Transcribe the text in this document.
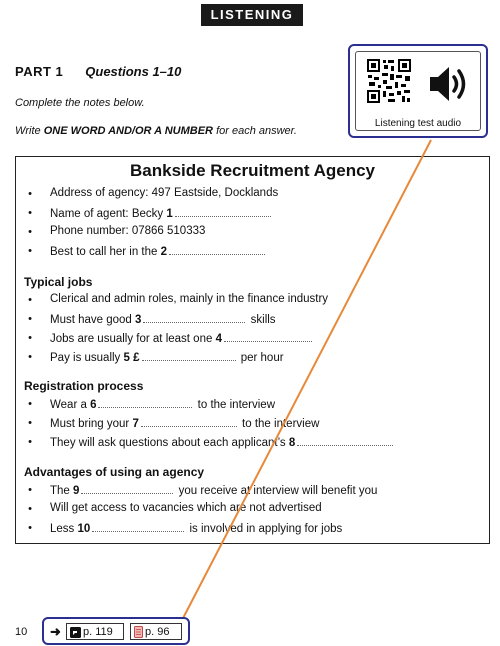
LISTENING
PART 1 Questions 1–10
Complete the notes below.
Write ONE WORD AND/OR A NUMBER for each answer.
Listening test audio
Bankside Recruitment Agency
•	Address of agency: 497 Eastside, Docklands
•	Name of agent: Becky 1
•	Phone number: 07866 510333
•	Best to call her in the 2
Typical jobs
•	Clerical and admin roles, mainly in the finance industry
•	Must have good 3	skills
•	Jobs are usually for at least one 4
•	Pay is usually 5 £	per hour
Registration process
•	Wear a 6	to the interview
•	Must bring your 7	to the interview
•	They will ask questions about each applicant’s 8
Advantages of using an agency
•	The 9	you receive at interview will benefit you
•	Will get access to vacancies which are not advertised
•	Less 10	is involved in applying for jobs
10 ➜	p. 119	p. 96
